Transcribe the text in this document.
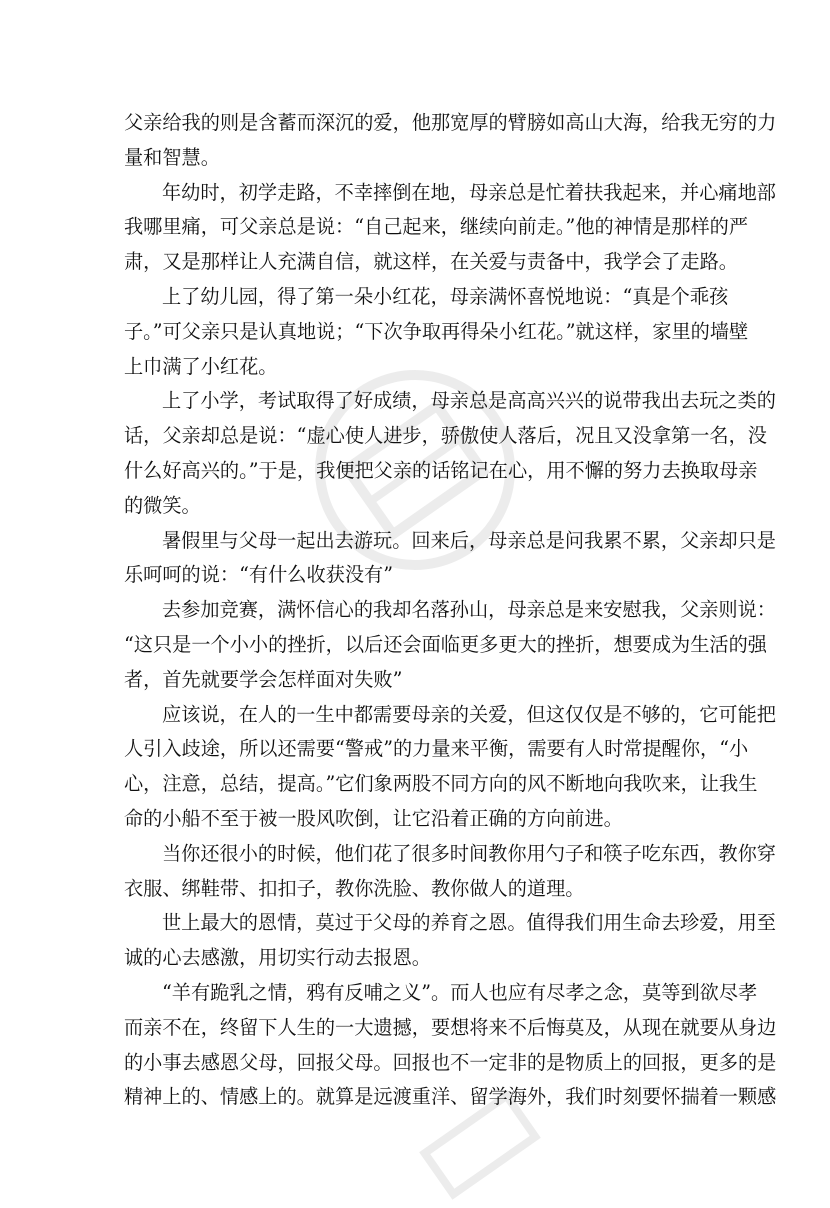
父亲给我的则是含蓄而深沉的爱，他那宽厚的臂膀如高山大海，给我无穷的力
量和智慧。
年幼时，初学走路，不幸摔倒在地，母亲总是忙着扶我起来，并心痛地部
我哪里痛，可父亲总是说：“自己起来，继续向前走。”他的神情是那样的严
肃，又是那样让人充满自信，就这样，在关爱与责备中，我学会了走路。
上了幼儿园，得了第一朵小红花，母亲满怀喜悦地说：“真是个乖孩
子。”可父亲只是认真地说；“下次争取再得朵小红花。”就这样，家里的墙壁
上巾满了小红花。
上了小学，考试取得了好成绩，母亲总是高高兴兴的说带我出去玩之类的
话，父亲却总是说：“虚心使人进步，骄傲使人落后，况且又没拿第一名，没
什么好高兴的。”于是，我便把父亲的话铭记在心，用不懈的努力去换取母亲
的微笑。
暑假里与父母一起出去游玩。回来后，母亲总是问我累不累，父亲却只是
乐呵呵的说：“有什么收获没有”
去参加竞赛，满怀信心的我却名落孙山，母亲总是来安慰我，父亲则说：
“这只是一个小小的挫折，以后还会面临更多更大的挫折，想要成为生活的强
者，首先就要学会怎样面对失败”
应该说，在人的一生中都需要母亲的关爱，但这仅仅是不够的，它可能把
人引入歧途，所以还需要“警戒”的力量来平衡，需要有人时常提醒你，“小
心，注意，总结，提高。”它们象两股不同方向的风不断地向我吹来，让我生
命的小船不至于被一股风吹倒，让它沿着正确的方向前进。
当你还很小的时候，他们花了很多时间教你用勺子和筷子吃东西，教你穿
衣服、绑鞋带、扣扣子，教你洗脸、教你做人的道理。
世上最大的恩情，莫过于父母的养育之恩。值得我们用生命去珍爱，用至
诚的心去感激，用切实行动去报恩。
“羊有跪乳之情，鸦有反哺之义”。而人也应有尽孝之念，莫等到欲尽孝
而亲不在，终留下人生的一大遗撼，要想将来不后悔莫及，从现在就要从身边
的小事去感恩父母，回报父母。回报也不一定非的是物质上的回报，更多的是
精神上的、情感上的。就算是远渡重洋、留学海外，我们时刻要怀揣着一颗感
